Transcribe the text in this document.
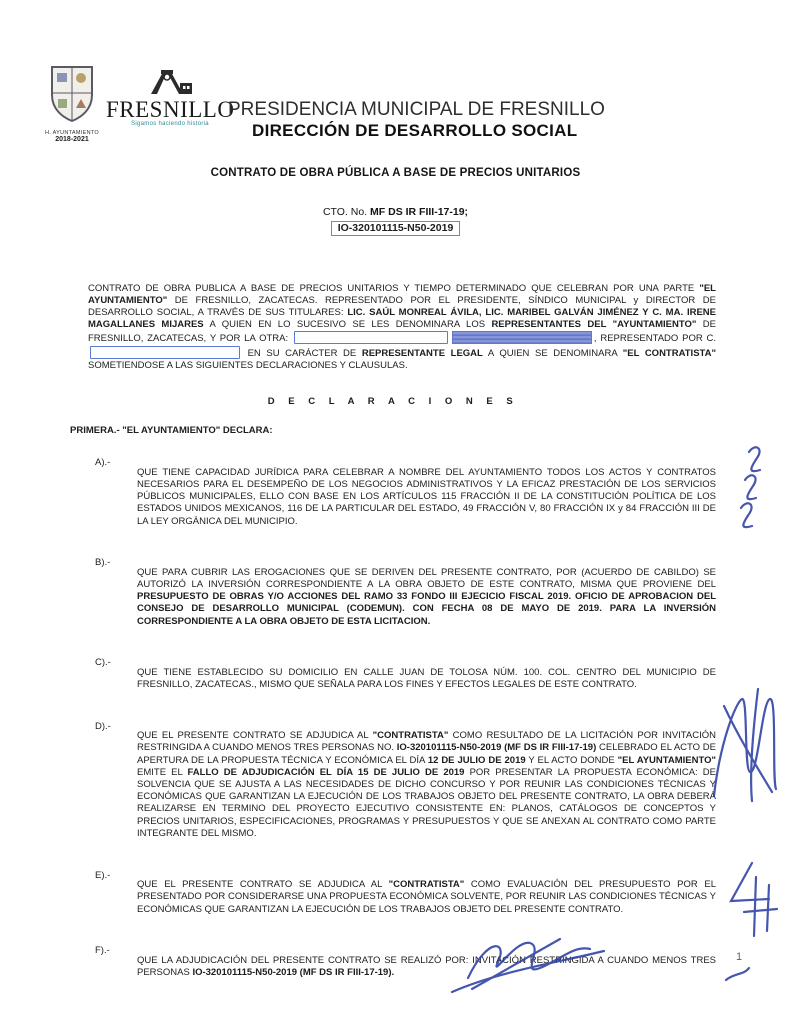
H. AYUNTAMIENTO
2018-2021
FRESNILLO
Sigamos haciendo historia
PRESIDENCIA MUNICIPAL DE FRESNILLO
DIRECCIÓN DE DESARROLLO SOCIAL
CONTRATO DE OBRA PÚBLICA A BASE DE PRECIOS UNITARIOS
CTO. No. MF DS IR FIII-17-19;
IO-320101115-N50-2019

CONTRATO DE OBRA PUBLICA A BASE DE PRECIOS UNITARIOS Y TIEMPO DETERMINADO QUE CELEBRAN POR UNA PARTE "EL AYUNTAMIENTO" DE FRESNILLO, ZACATECAS. REPRESENTADO POR EL PRESIDENTE, SÍNDICO MUNICIPAL y DIRECTOR DE DESARROLLO SOCIAL, A TRAVÉS DE SUS TITULARES: LIC. SAÚL MONREAL ÁVILA, LIC. MARIBEL GALVÁN JIMÉNEZ Y C. MA. IRENE MAGALLANES MIJARES A QUIEN EN LO SUCESIVO SE LES DENOMINARA LOS REPRESENTANTES DEL "AYUNTAMIENTO" DE FRESNILLO, ZACATECAS, Y POR LA OTRA:	, REPRESENTADO POR C.  EN SU CARÁCTER DE REPRESENTANTE LEGAL A QUIEN SE DENOMINARA "EL CONTRATISTA" SOMETIENDOSE A LAS SIGUIENTES DECLARACIONES Y CLAUSULAS.

D E C L A R A C I O N E S
PRIMERA.- "EL AYUNTAMIENTO" DECLARA:
A).-

QUE TIENE CAPACIDAD JURÍDICA PARA CELEBRAR A NOMBRE DEL AYUNTAMIENTO TODOS LOS ACTOS Y CONTRATOS NECESARIOS PARA EL DESEMPEÑO DE LOS NEGOCIOS ADMINISTRATIVOS Y LA EFICAZ PRESTACIÓN DE LOS SERVICIOS PÚBLICOS MUNICIPALES, ELLO CON BASE EN LOS ARTÍCULOS 115 FRACCIÓN II DE LA CONSTITUCIÓN POLÍTICA DE LOS ESTADOS UNIDOS MEXICANOS, 116 DE LA PARTICULAR DEL ESTADO, 49 FRACCIÓN V, 80 FRACCIÓN IX y 84 FRACCIÓN III DE LA LEY ORGÁNICA DEL MUNICIPIO.

B).-

QUE PARA CUBRIR LAS EROGACIONES QUE SE DERIVEN DEL PRESENTE CONTRATO, POR (ACUERDO DE CABILDO) SE AUTORIZÓ LA INVERSIÓN CORRESPONDIENTE A LA OBRA OBJETO DE ESTE CONTRATO, MISMA QUE PROVIENE DEL PRESUPUESTO DE OBRAS Y/O ACCIONES DEL RAMO 33 FONDO III EJECICIO FISCAL 2019. OFICIO DE APROBACION DEL CONSEJO DE DESARROLLO MUNICIPAL (CODEMUN). CON FECHA 08 DE MAYO DE 2019. PARA LA INVERSIÓN CORRESPONDIENTE A LA OBRA OBJETO DE ESTA LICITACION.

C).-

QUE TIENE ESTABLECIDO SU DOMICILIO EN CALLE JUAN DE TOLOSA NÚM. 100. COL. CENTRO DEL MUNICIPIO DE FRESNILLO, ZACATECAS., MISMO QUE SEÑALA PARA LOS FINES Y EFECTOS LEGALES DE ESTE CONTRATO.

D).-

QUE EL PRESENTE CONTRATO SE ADJUDICA AL "CONTRATISTA" COMO RESULTADO DE LA LICITACIÓN POR INVITACIÓN RESTRINGIDA A CUANDO MENOS TRES PERSONAS NO. IO-320101115-N50-2019 (MF DS IR FIII-17-19) CELEBRADO EL ACTO DE APERTURA DE LA PROPUESTA TÉCNICA Y ECONÓMICA EL DÍA 12 DE JULIO DE 2019 Y EL ACTO DONDE "EL AYUNTAMIENTO" EMITE EL FALLO DE ADJUDICACIÓN EL DÍA 15 DE JULIO DE 2019 POR PRESENTAR LA PROPUESTA ECONÓMICA: DE SOLVENCIA QUE SE AJUSTA A LAS NECESIDADES DE DICHO CONCURSO Y POR REUNIR LAS CONDICIONES TÉCNICAS Y ECONÓMICAS QUE GARANTIZAN LA EJECUCIÓN DE LOS TRABAJOS OBJETO DEL PRESENTE CONTRATO, LA OBRA DEBERÁ REALIZARSE EN TERMINO DEL PROYECTO EJECUTIVO CONSISTENTE EN: PLANOS, CATÁLOGOS DE CONCEPTOS Y PRECIOS UNITARIOS, ESPECIFICACIONES, PROGRAMAS Y PRESUPUESTOS Y QUE SE ANEXAN AL CONTRATO COMO PARTE INTEGRANTE DEL MISMO.

E).-

QUE EL PRESENTE CONTRATO SE ADJUDICA AL "CONTRATISTA" COMO EVALUACIÓN DEL PRESUPUESTO POR EL PRESENTADO POR CONSIDERARSE UNA PROPUESTA ECONÓMICA SOLVENTE, POR REUNIR LAS CONDICIONES TÉCNICAS Y ECONÓMICAS QUE GARANTIZAN LA EJECUCIÓN DE LOS TRABAJOS OBJETO DEL PRESENTE CONTRATO.

F).-

QUE LA ADJUDICACIÓN DEL PRESENTE CONTRATO SE REALIZÓ POR: INVITACIÓN RESTRINGIDA A CUANDO MENOS TRES PERSONAS IO-320101115-N50-2019 (MF DS IR FIII-17-19).

1
